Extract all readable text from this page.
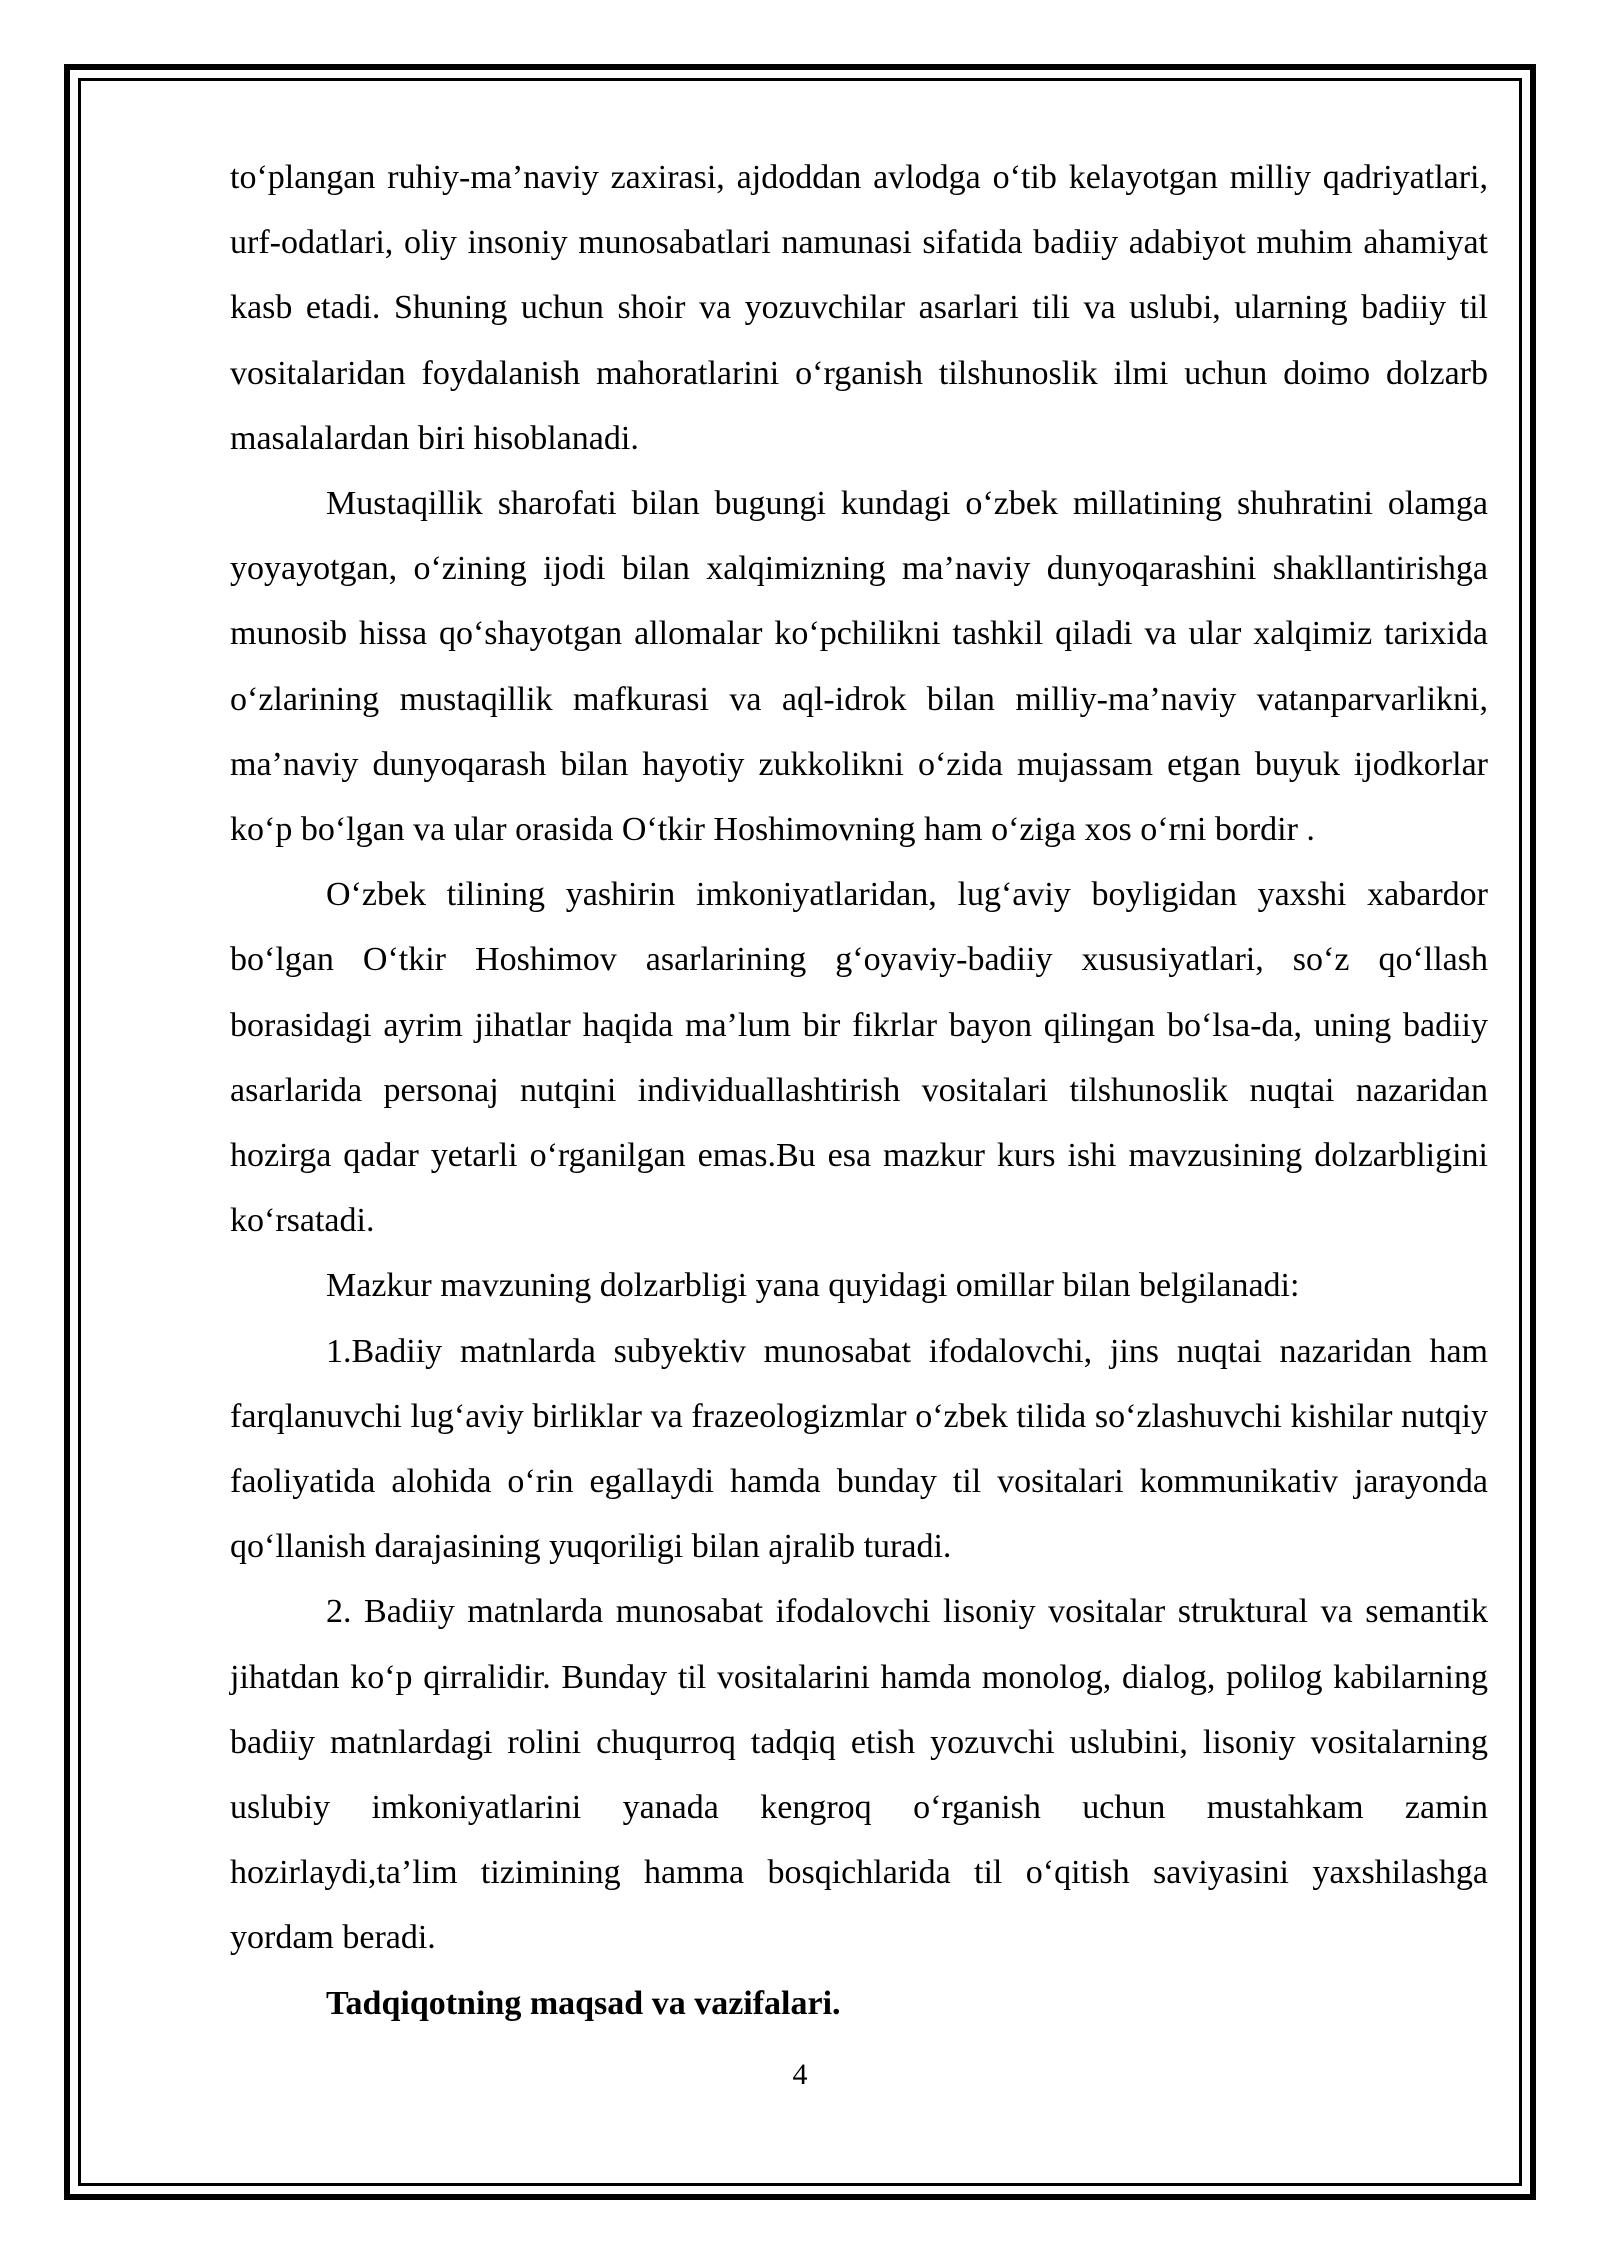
to‘plangan ruhiy-ma’naviy zaxirasi, ajdoddan avlodga o‘tib kelayotgan milliy qadriyatlari, urf-odatlari, oliy insoniy munosabatlari namunasi sifatida badiiy adabiyot muhim ahamiyat kasb etadi. Shuning uchun shoir va yozuvchilar asarlari tili va uslubi, ularning badiiy til vositalaridan foydalanish mahoratlarini o‘rganish tilshunoslik ilmi uchun doimo dolzarb masalalardan biri hisoblanadi.

Mustaqillik sharofati bilan bugungi kundagi o‘zbek millatining shuhratini olamga yoyayotgan, o‘zining ijodi bilan xalqimizning ma’naviy dunyoqarashini shakllantirishga munosib hissa qo‘shayotgan allomalar ko‘pchilikni tashkil qiladi va ular xalqimiz tarixida o‘zlarining mustaqillik mafkurasi va aql-idrok bilan milliy-ma’naviy vatanparvarlikni, ma’naviy dunyoqarash bilan hayotiy zukkolikni o‘zida mujassam etgan buyuk ijodkorlar ko‘p bo‘lgan va ular orasida O‘tkir Hoshimovning ham o‘ziga xos o‘rni bordir .

O‘zbek tilining yashirin imkoniyatlaridan, lug‘aviy boyligidan yaxshi xabardor bo‘lgan O‘tkir Hoshimov asarlarining g‘oyaviy-badiiy xususiyatlari, so‘z qo‘llash borasidagi ayrim jihatlar haqida ma’lum bir fikrlar bayon qilingan bo‘lsa-da, uning badiiy asarlarida personaj nutqini individuallashtirish vositalari tilshunoslik nuqtai nazaridan hozirga qadar yetarli o‘rganilgan emas.Bu esa mazkur kurs ishi mavzusining dolzarbligini ko‘rsatadi.

Mazkur mavzuning dolzarbligi yana quyidagi omillar bilan belgilanadi:

1.Badiiy matnlarda subyektiv munosabat ifodalovchi, jins nuqtai nazaridan ham farqlanuvchi lug‘aviy birliklar va frazeologizmlar o‘zbek tilida so‘zlashuvchi kishilar nutqiy faoliyatida alohida o‘rin egallaydi hamda bunday til vositalari kommunikativ jarayonda qo‘llanish darajasining yuqoriligi bilan ajralib turadi.

2. Badiiy matnlarda munosabat ifodalovchi lisoniy vositalar struktural va semantik jihatdan ko‘p qirralidir. Bunday til vositalarini hamda monolog, dialog, polilog kabilarning badiiy matnlardagi rolini chuqurroq tadqiq etish yozuvchi uslubini, lisoniy vositalarning uslubiy imkoniyatlarini yanada kengroq o‘rganish uchun mustahkam zamin hozirlaydi,ta’lim tizimining hamma bosqichlarida til o‘qitish saviyasini yaxshilashga yordam beradi.

Tadqiqotning maqsad va vazifalari.

4
